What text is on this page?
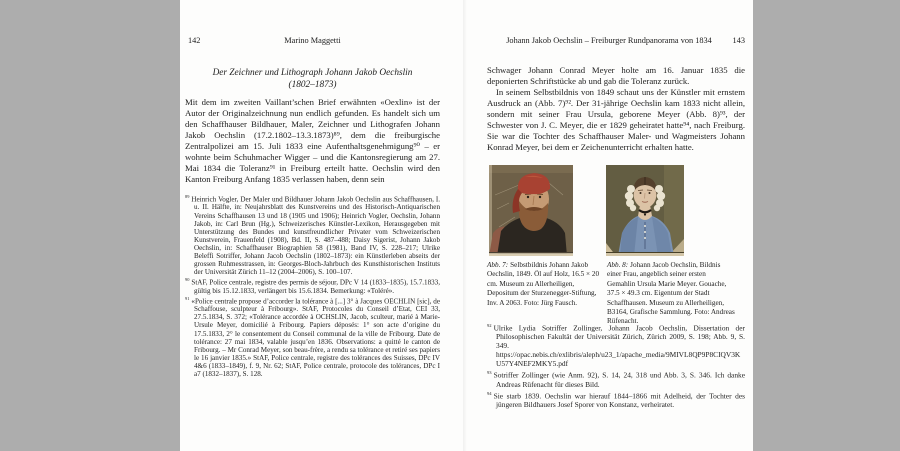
142	Marino Maggetti
Der Zeichner und Lithograph Johann Jakob Oechslin
(1802–1873)

Mit dem im zweiten Vaillant’schen Brief erwähnten «Oexlin» ist der Autor der Originalzeichnung nun endlich gefunden. Es handelt sich um den Schaffhauser Bildhauer, Maler, Zeichner und Lithografen Johann Jakob Oechslin (17.2.1802–13.3.1873)⁸⁹, dem die freiburgische Zentralpolizei am 15. Juli 1833 eine Aufenthaltsgenehmigung⁹⁰ – er wohnte beim Schuhmacher Wigger – und die Kantonsregierung am 27. Mai 1834 die Toleranz⁹¹ in Freiburg erteilt hatte. Oechslin wird den Kanton Freiburg Anfang 1835 verlassen haben, denn sein

$^{89}$ Heinrich Vogler, Der Maler und Bildhauer Johann Jakob Oechslin aus Schaffhausen, I. u. II. Hälfte, in: Neujahrsblatt des Kunstvereins und des Historisch-Antiquarischen Vereins Schaffhausen 13 und 18 (1905 und 1906); Heinrich Vogler, Oechslin, Johann Jakob, in: Carl Brun (Hg.), Schweizerisches Künstler-Lexikon, Herausgegeben mit Unterstützung des Bundes und kunstfreundlicher Privater vom Schweizerischen Kunstverein, Frauenfeld (1908), Bd. II, S. 487–488; Daisy Sigerist, Johann Jakob Oechslin, in: Schaffhauser Biographien 58 (1981), Band IV, S. 228–217; Ulrike Beleffi Sotriffer, Johann Jacob Oechslin (1802–1873): ein Künstlerleben abseits der grossen Ruhmesstrassen, in: Georges-Bloch-Jahrbuch des Kunsthistorischen Instituts der Universität Zürich 11–12 (2004–2006), S. 100–107.

$^{90}$ StAF, Police centrale, registre des permis de séjour, DPc V 14 (1833–1835), 15.7.1833, gültig bis 15.12.1833, verlängert bis 15.6.1834. Bemerkung: «Toléré».

$^{91}$ «Police centrale propose d’accorder la tolérance à [...] 3° à Jacques OECHLIN [sic], de Schaffouse, sculpteur à Fribourg». StAF, Protocoles du Conseil d’Etat, CEI 33, 27.5.1834, S. 372; «Tolérance accordée à OCHSLIN, Jacob, sculteur, marié à Marie-Ursule Meyer, domicilié à Fribourg. Papiers déposés: 1° son acte d’origine du 17.5.1833, 2° le consentement du Conseil communal de la ville de Fribourg. Date de tolérance: 27 mai 1834, valable jusqu’en 1836. Observations: a quitté le canton de Fribourg. – Mr Conrad Meyer, son beau-frère, a rendu sa tolérance et retiré ses papiers le 16 janvier 1835.» StAF, Police centrale, registre des tolérances des Suisses, DPc IV 4&6 (1833–1849), f. 9, Nr. 62; StAF, Police centrale, protocole des tolérances, DPc I a7 (1832–1837), S. 128.

143
Johann Jakob Oechslin – Freiburger Rundpanorama von 1834

Schwager Johann Conrad Meyer holte am 16. Januar 1835 die deponierten Schriftstücke ab und gab die Toleranz zurück.

In seinem Selbstbildnis von 1849 schaut uns der Künstler mit ernstem Ausdruck an (Abb. 7)⁹². Der 31-jährige Oechslin kam 1833 nicht allein, sondern mit seiner Frau Ursula, geborene Meyer (Abb. 8)⁹³, der Schwester von J. C. Meyer, die er 1829 geheiratet hatte⁹⁴, nach Freiburg. Sie war die Tochter des Schaffhauser Maler- und Wagmeisters Johann Konrad Meyer, bei dem er Zeichenunterricht erhalten hatte.

Abb. 7: Selbstbildnis Johann Jakob Oechslin, 1849. Öl auf Holz, 16.5 × 20 cm. Museum zu Allerheiligen, Depositum der Sturzenegger-Stiftung, Inv. A 2063. Foto: Jürg Fausch.

Abb. 8: Johann Jacob Oechslin, Bildnis einer Frau, angeblich seiner ersten Gemahlin Ursula Marie Meyer. Gouache, 37.5 × 49.3 cm. Eigentum der Stadt Schaffhausen. Museum zu Allerheiligen, B3164, Grafische Sammlung. Foto: Andreas Rüfenacht.

$^{92}$ Ulrike Lydia Sotriffer Zollinger, Johann Jacob Oechslin, Dissertation der Philosophischen Fakultät der Universität Zürich, Zürich 2009, S. 198; Abb. 9, S. 349. https://opac.nebis.ch/exlibris/aleph/u23_1/apache_media/9MIVL8QP9P8CIQV3KU57Y4NEF2MKY5.pdf

$^{93}$ Sotriffer Zollinger (wie Anm. 92), S. 14, 24, 318 und Abb. 3, S. 346. Ich danke Andreas Rüfenacht für dieses Bild.

$^{94}$ Sie starb 1839. Oechslin war hierauf 1844–1866 mit Adelheid, der Tochter des jüngeren Bildhauers Josef Sporer von Konstanz, verheiratet.
